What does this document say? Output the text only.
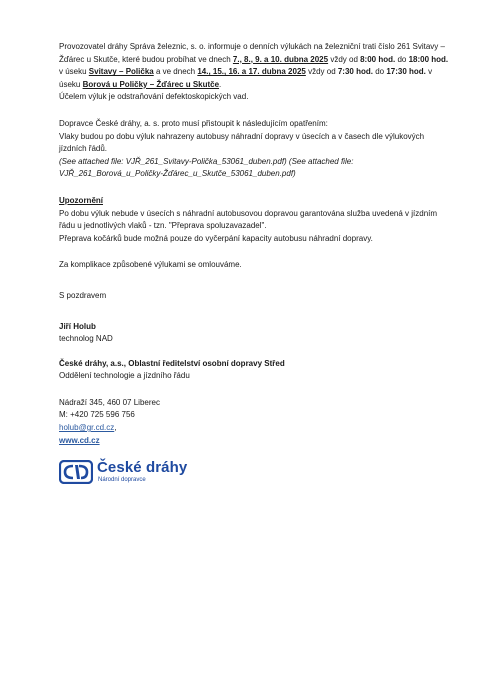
Provozovatel dráhy Správa železnic, s. o. informuje o denních výlukách na železniční trati číslo 261 Svitavy – Žďárec u Skutče, které budou probíhat ve dnech 7., 8., 9. a 10. dubna 2025 vždy od 8:00 hod. do 18:00 hod. v úseku Svitavy – Polička a ve dnech 14., 15., 16. a 17. dubna 2025 vždy od 7:30 hod. do 17:30 hod. v úseku Borová u Poličky – Žďárec u Skutče.

Účelem výluk je odstraňování defektoskopických vad.

Dopravce České dráhy, a. s. proto musí přistoupit k následujícím opatřením:

Vlaky budou po dobu výluk nahrazeny autobusy náhradní dopravy v úsecích a v časech dle výlukových jízdních řádů.

(See attached file: VJŘ_261_Svitavy-Polička_53061_duben.pdf) (See attached file: VJŘ_261_Borová_u_Poličky-Žďárec_u_Skutče_53061_duben.pdf)

Upozornění

Po dobu výluk nebude v úsecích s náhradní autobusovou dopravou garantována služba uvedená v jízdním řádu u jednotlivých vlaků - tzn. "Přeprava spoluzavazadel".

Přeprava kočárků bude možná pouze do vyčerpání kapacity autobusu náhradní dopravy.

Za komplikace způsobené výlukami se omlouváme.

S pozdravem

Jiří Holub

technolog NAD

České dráhy, a.s., Oblastní ředitelství osobní dopravy Střed

Oddělení technologie a jízdního řádu

Nádraží 345, 460 07 Liberec

M: +420 725 596 756

holub@gr.cd.cz,

www.cd.cz

České dráhy
Národní dopravce
